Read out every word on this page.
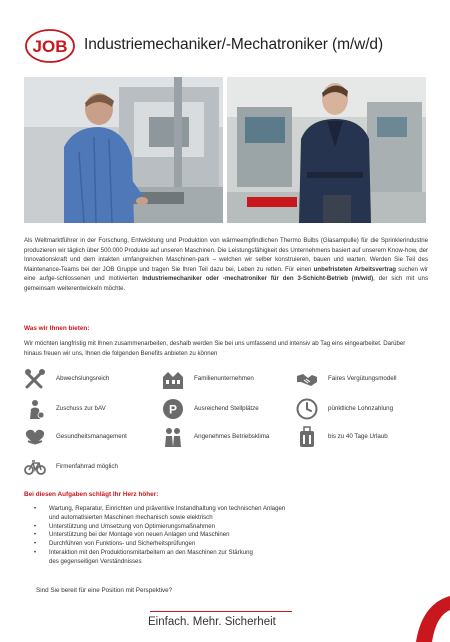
JOB Industriemechaniker/-Mechatroniker (m/w/d)
Als Weltmarktführer in der Forschung, Entwicklung und Produktion von wärmeempfindlichen Thermo Bulbs (Glasampulle) für die Sprinklerindustrie produzieren wir täglich über 500.000 Produkte auf unseren Maschinen. Die Leistungsfähigkeit des Unternehmens basiert auf unserem Know-how, der Innovationskraft und dem intakten umfangreichen Maschinen-park – welchen wir selber konstruieren, bauen und warten. Werden Sie Teil des Maintenance-Teams bei der JOB Gruppe und tragen Sie Ihren Teil dazu bei, Leben zu retten. Für einen unbefristeten Arbeitsvertrag suchen wir eine aufge-schlossenen und motivierten Industriemechaniker oder -mechatroniker für den 3-Schicht-Betrieb (m/w/d), der sich mit uns gemeinsam weiterentwickeln möchte.
Was wir Ihnen bieten:
Wir möchten langfristig mit Ihnen zusammenarbeiten, deshalb werden Sie bei uns umfassend und intensiv ab Tag eins eingearbeitet. Darüber hinaus freuen wir uns, Ihnen die folgenden Benefits anbieten zu können
Abwechslungsreich	Familienunternehmen	Faires Vergütungsmodell
Zuschuss zur bAV	P	Ausreichend Stellplätze	pünktliche Lohnzahlung
Gesundheitsmanagement	Angenehmes Betriebsklima	bis zu 40 Tage Urlaub
Firmenfahrrad möglich
Bei diesen Aufgaben schlägt Ihr Herz höher:
• Wartung, Reparatur, Einrichten und präventive Instandhaltung von technischen Anlagen
und automatisierten Maschinen mechanisch sowie elektrisch
• Unterstützung und Umsetzung von Optimierungsmaßnahmen
• Unterstützung bei der Montage von neuen Anlagen und Maschinen
• Durchführen von Funktions- und Sicherheitsprüfungen
• Interaktion mit den Produktionsmitarbeitern an den Maschinen zur Stärkung
des gegenseitigen Verständnisses
Sind Sie bereit für eine Position mit Perspektive?
Einfach. Mehr. Sicherheit
